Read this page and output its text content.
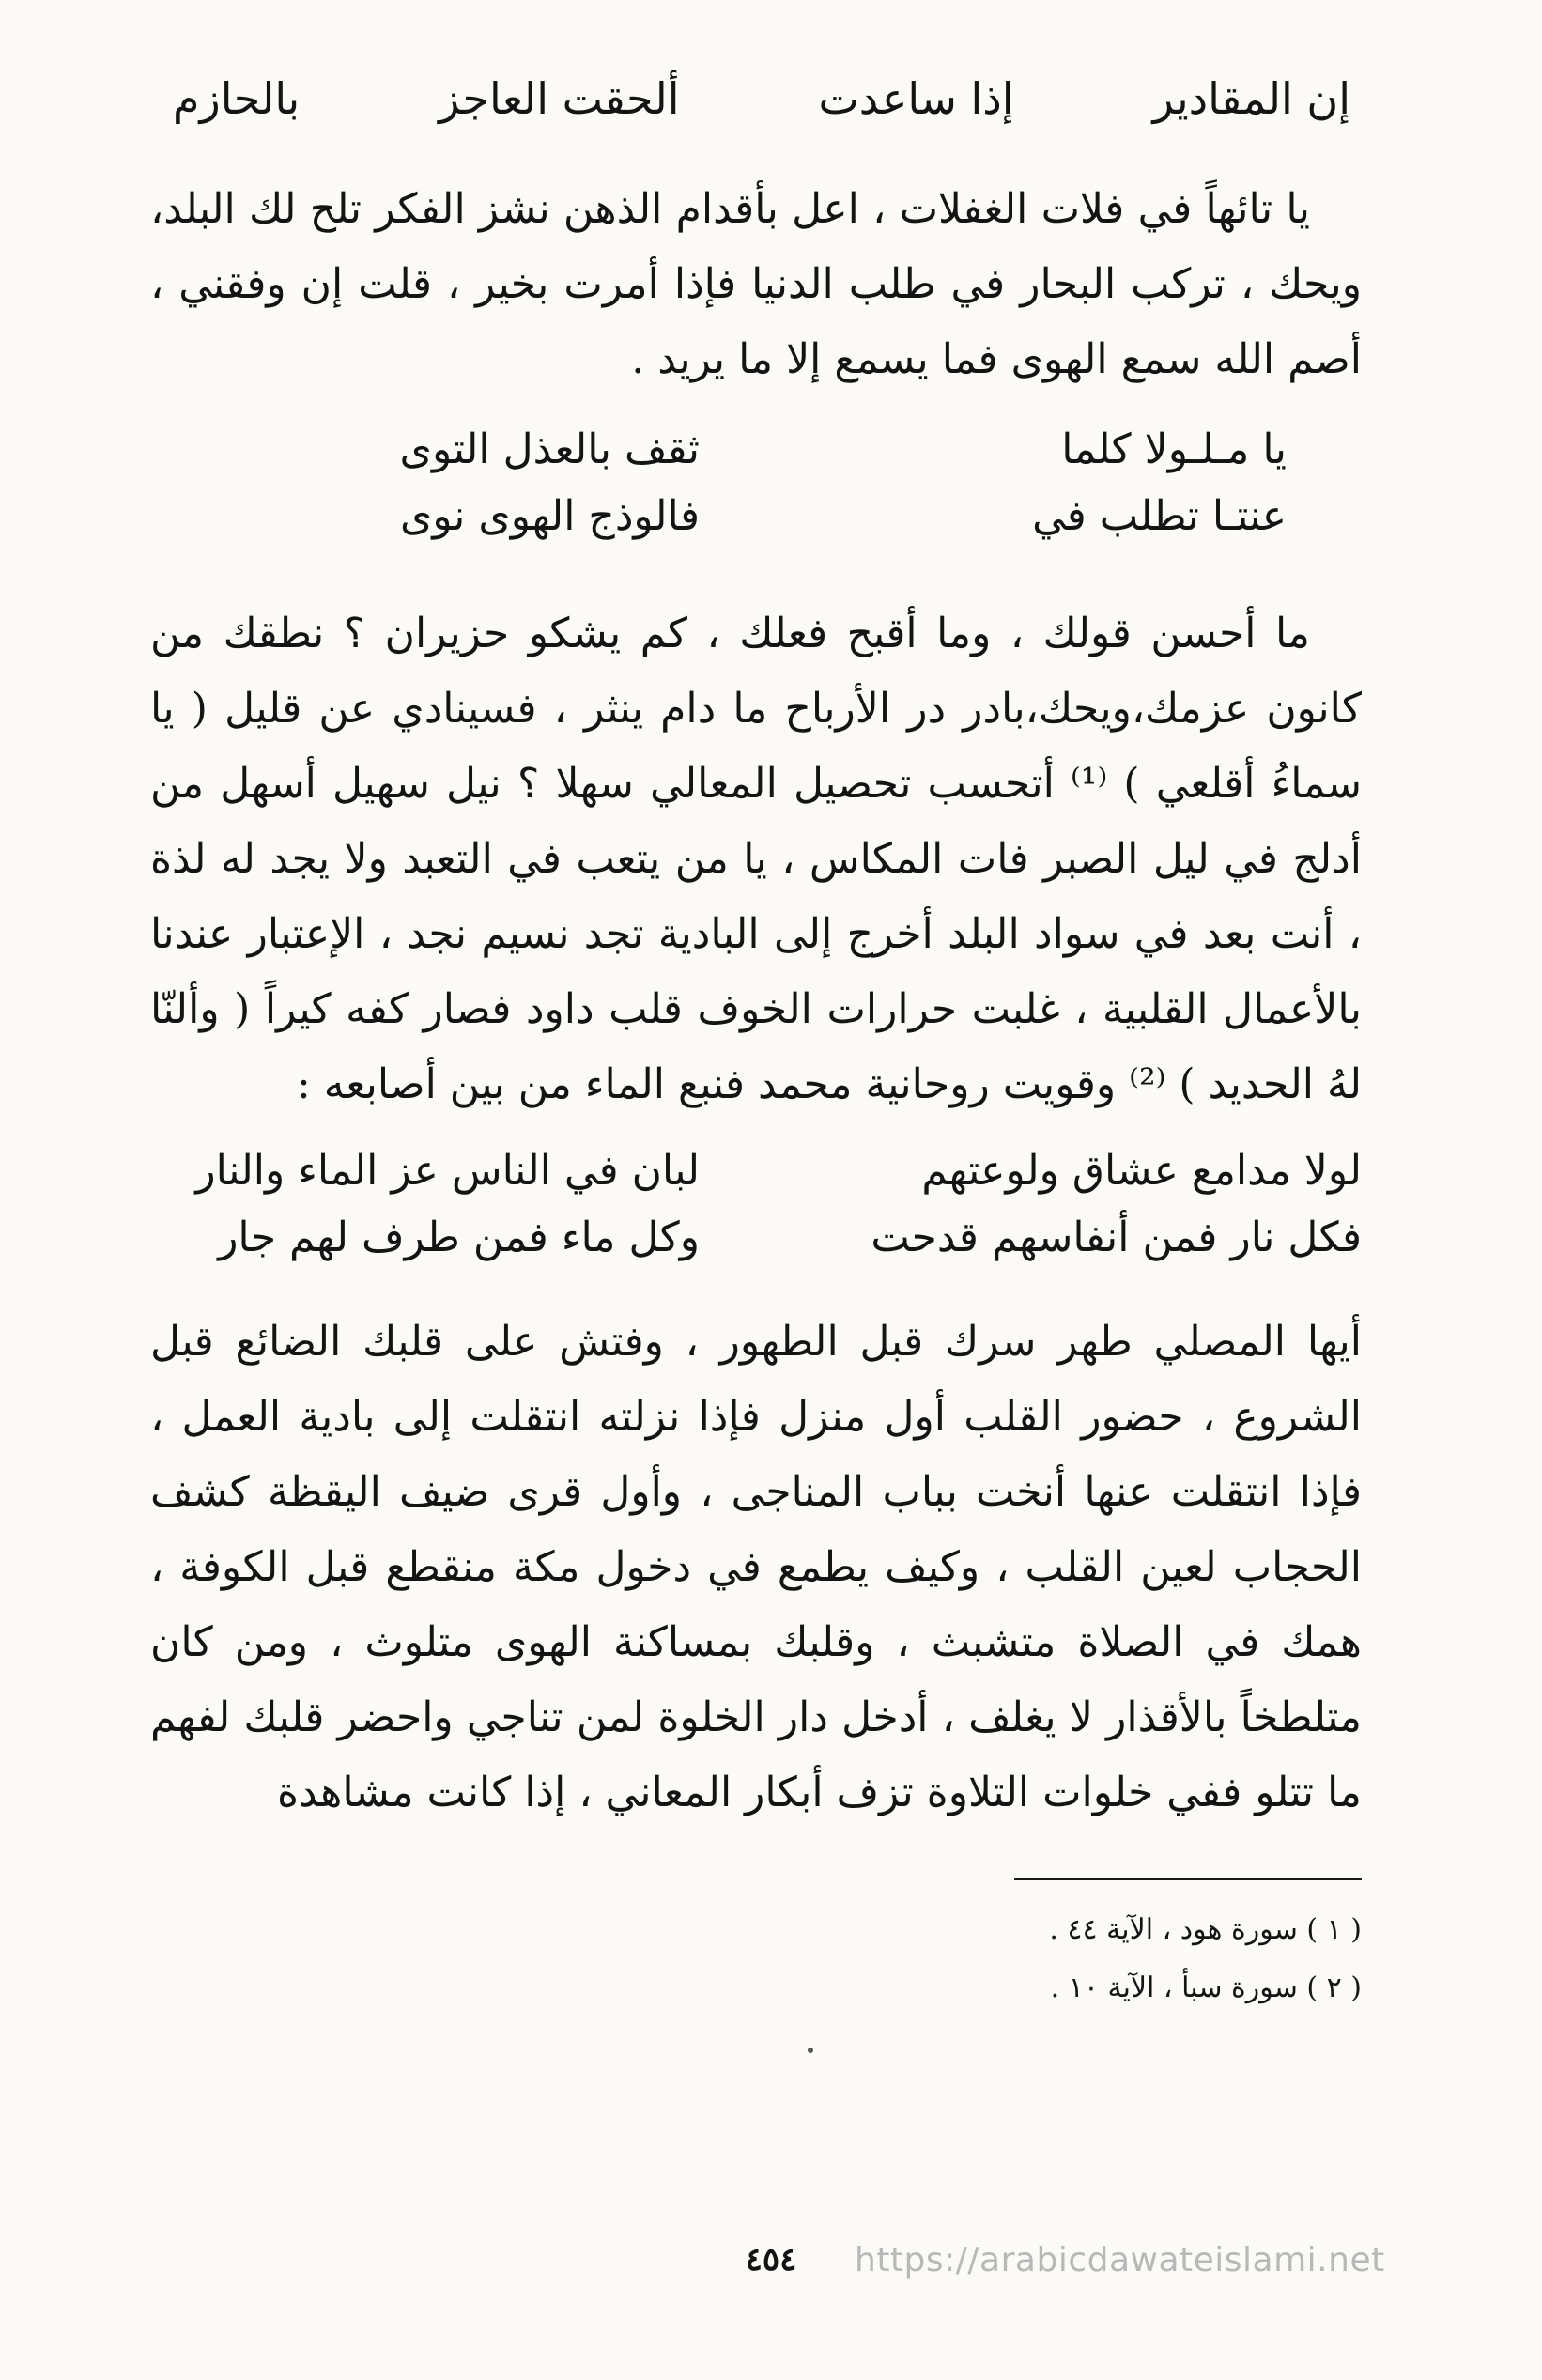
إن المقادير
إذا ساعدت
ألحقت العاجز
بالحازم

يا تائهاً في فلات الغفلات ، اعل بأقدام الذهن نشز الفكر تلح لك البلد، ويحك ، تركب البحار في طلب الدنيا فإذا أمرت بخير ، قلت إن وفقني ، أصم الله سمع الهوى فما يسمع إلا ما يريد .

يا مـلـولا كلما
ثقف بالعذل التوى
عنتـا تطلب في
فالوذج الهوى نوى

ما أحسن قولك ، وما أقبح فعلك ، كم يشكو حزيران ؟ نطقك من كانون عزمك،ويحك،بادر در الأرباح ما دام ينثر ، فسينادي عن قليل ( يا سماءُ أقلعي ) ⁽¹⁾ أتحسب تحصيل المعالي سهلا ؟ نيل سهيل أسهل من أدلج في ليل الصبر فات المكاس ، يا من يتعب في التعبد ولا يجد له لذة ، أنت بعد في سواد البلد أخرج إلى البادية تجد نسيم نجد ، الإعتبار عندنا بالأعمال القلبية ، غلبت حرارات الخوف قلب داود فصار كفه كيراً ( وألنّا لهُ الحديد ) ⁽²⁾ وقويت روحانية محمد فنبع الماء من بين أصابعه :

لولا مدامع عشاق ولوعتهم
لبان في الناس عز الماء والنار
فكل نار فمن أنفاسهم قدحت
وكل ماء فمن طرف لهم جار

أيها المصلي طهر سرك قبل الطهور ، وفتش على قلبك الضائع قبل الشروع ، حضور القلب أول منزل فإذا نزلته انتقلت إلى بادية العمل ، فإذا انتقلت عنها أنخت بباب المناجى ، وأول قرى ضيف اليقظة كشف الحجاب لعين القلب ، وكيف يطمع في دخول مكة منقطع قبل الكوفة ، همك في الصلاة متشبث ، وقلبك بمساكنة الهوى متلوث ، ومن كان متلطخاً بالأقذار لا يغلف ، أدخل دار الخلوة لمن تناجي واحضر قلبك لفهم ما تتلو ففي خلوات التلاوة تزف أبكار المعاني ، إذا كانت مشاهدة

( ١ ) سورة هود ، الآية ٤٤ .

( ٢ ) سورة سبأ ، الآية ١٠ .

٤٥٤	https://arabicdawateislami.net
